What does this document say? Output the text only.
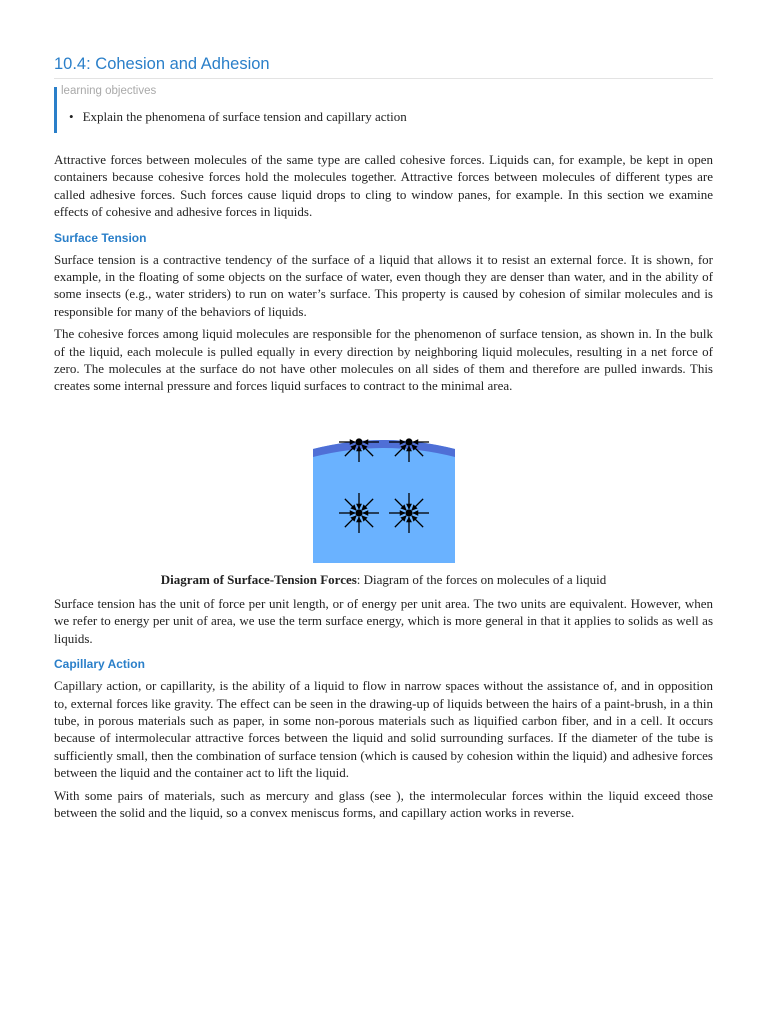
10.4: Cohesion and Adhesion
learning objectives
• Explain the phenomena of surface tension and capillary action

Attractive forces between molecules of the same type are called cohesive forces. Liquids can, for example, be kept in open containers because cohesive forces hold the molecules together. Attractive forces between molecules of different types are called adhesive forces. Such forces cause liquid drops to cling to window panes, for example. In this section we examine effects of cohesive and adhesive forces in liquids.

Surface Tension

Surface tension is a contractive tendency of the surface of a liquid that allows it to resist an external force. It is shown, for example, in the floating of some objects on the surface of water, even though they are denser than water, and in the ability of some insects (e.g., water striders) to run on water’s surface. This property is caused by cohesion of similar molecules and is responsible for many of the behaviors of liquids.

The cohesive forces among liquid molecules are responsible for the phenomenon of surface tension, as shown in. In the bulk of the liquid, each molecule is pulled equally in every direction by neighboring liquid molecules, resulting in a net force of zero. The molecules at the surface do not have other molecules on all sides of them and therefore are pulled inwards. This creates some internal pressure and forces liquid surfaces to contract to the minimal area.

Diagram of Surface-Tension Forces: Diagram of the forces on molecules of a liquid

Surface tension has the unit of force per unit length, or of energy per unit area. The two units are equivalent. However, when we refer to energy per unit of area, we use the term surface energy, which is more general in that it applies to solids as well as liquids.

Capillary Action

Capillary action, or capillarity, is the ability of a liquid to flow in narrow spaces without the assistance of, and in opposition to, external forces like gravity. The effect can be seen in the drawing-up of liquids between the hairs of a paint-brush, in a thin tube, in porous materials such as paper, in some non-porous materials such as liquified carbon fiber, and in a cell. It occurs because of intermolecular attractive forces between the liquid and solid surrounding surfaces. If the diameter of the tube is sufficiently small, then the combination of surface tension (which is caused by cohesion within the liquid) and adhesive forces between the liquid and the container act to lift the liquid.

With some pairs of materials, such as mercury and glass (see ), the intermolecular forces within the liquid exceed those between the solid and the liquid, so a convex meniscus forms, and capillary action works in reverse.
